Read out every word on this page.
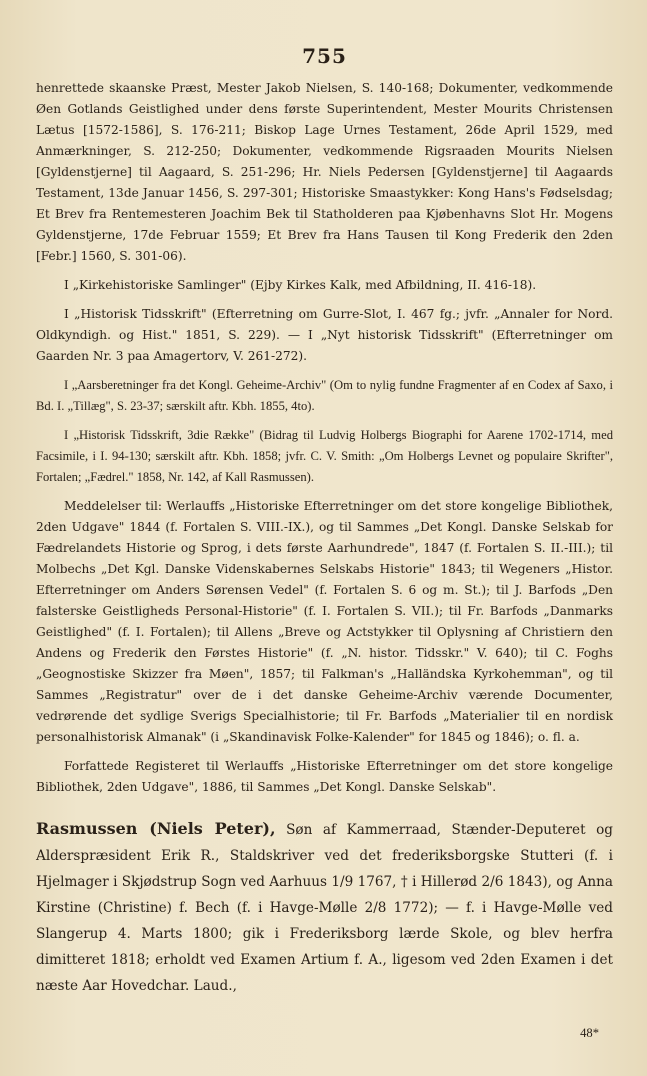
755

henrettede skaanske Præst, Mester Jakob Nielsen, S. 140-168; Dokumenter, vedkommende Øen Gotlands Geistlighed under dens første Superintendent, Mester Mourits Christensen Lætus [1572-1586], S. 176-211; Biskop Lage Urnes Testament, 26de April 1529, med Anmærkninger, S. 212-250; Dokumenter, vedkommende Rigsraaden Mourits Nielsen [Gyldenstjerne] til Aagaard, S. 251-296; Hr. Niels Pedersen [Gyldenstjerne] til Aagaards Testament, 13de Januar 1456, S. 297-301; Historiske Smaastykker: Kong Hans's Fødselsdag; Et Brev fra Rentemesteren Joachim Bek til Statholderen paa Kjøbenhavns Slot Hr. Mogens Gyldenstjerne, 17de Februar 1559; Et Brev fra Hans Tausen til Kong Frederik den 2den [Febr.] 1560, S. 301-06).

I „Kirkehistoriske Samlinger" (Ejby Kirkes Kalk, med Afbildning, II. 416-18).

I „Historisk Tidsskrift" (Efterretning om Gurre-Slot, I. 467 fg.; jvfr. „Annaler for Nord. Oldkyndigh. og Hist." 1851, S. 229). — I „Nyt historisk Tidsskrift" (Efterretninger om Gaarden Nr. 3 paa Amagertorv, V. 261-272).

I „Aarsberetninger fra det Kongl. Geheime-Archiv" (Om to nylig fundne Fragmenter af en Codex af Saxo, i Bd. I. „Tillæg", S. 23-37; særskilt aftr. Kbh. 1855, 4to).

I „Historisk Tidsskrift, 3die Række" (Bidrag til Ludvig Holbergs Biographi for Aarene 1702-1714, med Facsimile, i I. 94-130; særskilt aftr. Kbh. 1858; jvfr. C. V. Smith: „Om Holbergs Levnet og populaire Skrifter", Fortalen; „Fædrel." 1858, Nr. 142, af Kall Rasmussen).

Meddelelser til: Werlauffs „Historiske Efterretninger om det store kongelige Bibliothek, 2den Udgave" 1844 (f. Fortalen S. VIII.-IX.), og til Sammes „Det Kongl. Danske Selskab for Fædrelandets Historie og Sprog, i dets første Aarhundrede", 1847 (f. Fortalen S. II.-III.); til Molbechs „Det Kgl. Danske Videnskabernes Selskabs Historie" 1843; til Wegeners „Histor. Efterretninger om Anders Sørensen Vedel" (f. Fortalen S. 6 og m. St.); til J. Barfods „Den falsterske Geistligheds Personal-Historie" (f. I. Fortalen S. VII.); til Fr. Barfods „Danmarks Geistlighed" (f. I. Fortalen); til Allens „Breve og Actstykker til Oplysning af Christiern den Andens og Frederik den Førstes Historie" (f. „N. histor. Tidsskr." V. 640); til C. Foghs „Geognostiske Skizzer fra Møen", 1857; til Falkman's „Halländska Kyrkohemman", og til Sammes „Registratur" over de i det danske Geheime-Archiv værende Documenter, vedrørende det sydlige Sverigs Specialhistorie; til Fr. Barfods „Materialier til en nordisk personalhistorisk Almanak" (i „Skandinavisk Folke-Kalender" for 1845 og 1846); o. fl. a.

Forfattede Registeret til Werlauffs „Historiske Efterretninger om det store kongelige Bibliothek, 2den Udgave", 1886, til Sammes „Det Kongl. Danske Selskab".

Rasmussen (Niels Peter), Søn af Kammerraad, Stænder-Deputeret og Alderspræsident Erik R., Staldskriver ved det frederiksborgske Stutteri (f. i Hjelmager i Skjødstrup Sogn ved Aarhuus 1/9 1767, † i Hillerød 2/6 1843), og Anna Kirstine (Christine) f. Bech (f. i Havge-Mølle 2/8 1772); — f. i Havge-Mølle ved Slangerup 4. Marts 1800; gik i Frederiksborg lærde Skole, og blev herfra dimitteret 1818; erholdt ved Examen Artium f. A., ligesom ved 2den Examen i det næste Aar Hovedchar. Laud.,

48*
